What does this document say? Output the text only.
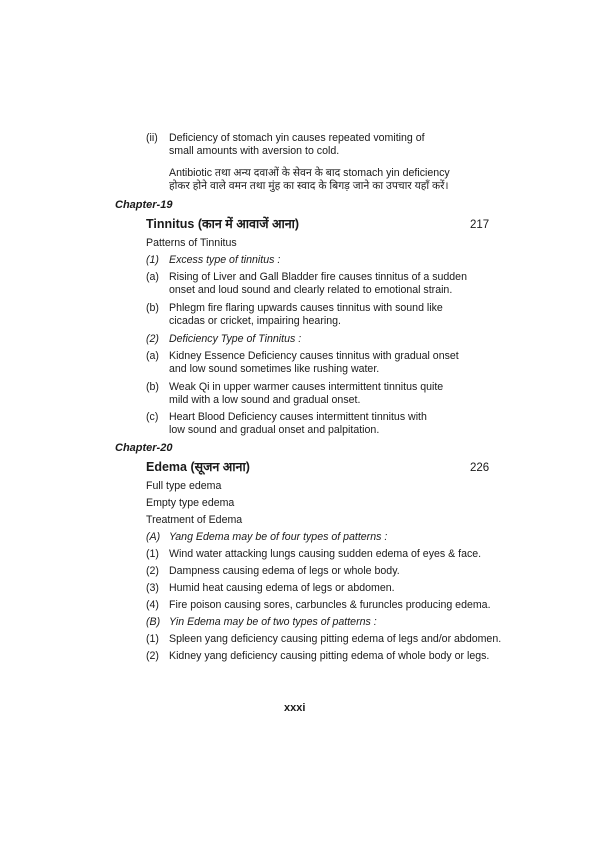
(ii)	Deficiency of stomach yin causes repeated vomiting of
small amounts with aversion to cold.
Antibiotic तथा अन्य दवाओं के सेवन के बाद stomach yin deficiency
होकर होने वाले वमन तथा मुंह का स्वाद के बिगड़ जाने का उपचार यहाँ करें।
Chapter-19
Tinnitus (कान में आवाजें आना)	217
Patterns of Tinnitus
(1) Excess type of tinnitus :
(a) Rising of Liver and Gall Bladder fire causes tinnitus of a sudden
onset and loud sound and clearly related to emotional strain.
(b) Phlegm fire flaring upwards causes tinnitus with sound like
cicadas or cricket, impairing hearing.
(2) Deficiency Type of Tinnitus :
(a) Kidney Essence Deficiency causes tinnitus with gradual onset
and low sound sometimes like rushing water.
(b) Weak Qi in upper warmer causes intermittent tinnitus quite
mild with a low sound and gradual onset.
(c)	Heart Blood Deficiency causes intermittent tinnitus with
low sound and gradual onset and palpitation.
Chapter-20
Edema (सूजन आना)	226
Full type edema
Empty type edema
Treatment of Edema
(A) Yang Edema may be of four types of patterns :
(1) Wind water attacking lungs causing sudden edema of eyes & face.
(2) Dampness causing edema of legs or whole body.
(3) Humid heat causing edema of legs or abdomen.
(4) Fire poison causing sores, carbuncles & furuncles producing edema.
(B) Yin Edema may be of two types of patterns :
(1) Spleen yang deficiency causing pitting edema of legs and/or abdomen.
(2) Kidney yang deficiency causing pitting edema of whole body or legs.
xxxi
